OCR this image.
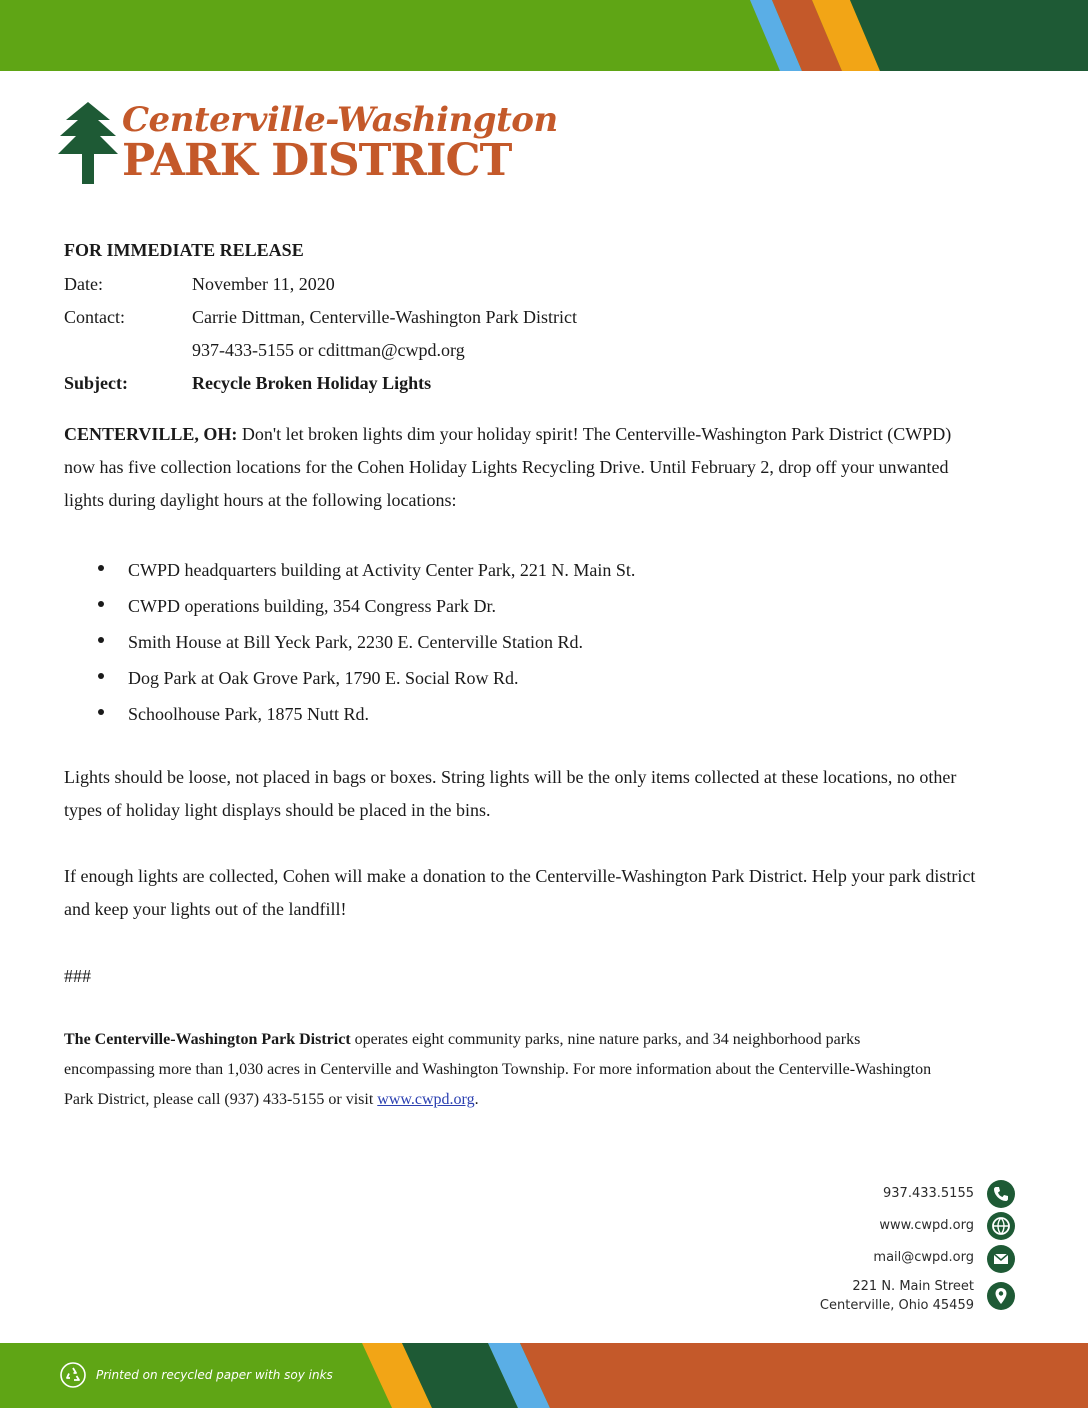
Centerville-Washington
PARK DISTRICT
FOR IMMEDIATE RELEASE
Date:	November 11, 2020
Contact:	Carrie Dittman, Centerville-Washington Park District
937-433-5155 or cdittman@cwpd.org
Subject:	Recycle Broken Holiday Lights
CENTERVILLE, OH: Don't let broken lights dim your holiday spirit! The Centerville-Washington Park District (CWPD)
now has five collection locations for the Cohen Holiday Lights Recycling Drive. Until February 2, drop off your unwanted
lights during daylight hours at the following locations:
CWPD headquarters building at Activity Center Park, 221 N. Main St.
CWPD operations building, 354 Congress Park Dr.
Smith House at Bill Yeck Park, 2230 E. Centerville Station Rd.
Dog Park at Oak Grove Park, 1790 E. Social Row Rd.
Schoolhouse Park, 1875 Nutt Rd.
Lights should be loose, not placed in bags or boxes. String lights will be the only items collected at these locations, no other
types of holiday light displays should be placed in the bins.
If enough lights are collected, Cohen will make a donation to the Centerville-Washington Park District. Help your park district
and keep your lights out of the landfill!
###
The Centerville-Washington Park District operates eight community parks, nine nature parks, and 34 neighborhood parks
encompassing more than 1,030 acres in Centerville and Washington Township. For more information about the Centerville-Washington
Park District, please call (937) 433-5155 or visit www.cwpd.org.
937.433.5155
www.cwpd.org
mail@cwpd.org
221 N. Main Street
Centerville, Ohio 45459
Printed on recycled paper with soy inks
